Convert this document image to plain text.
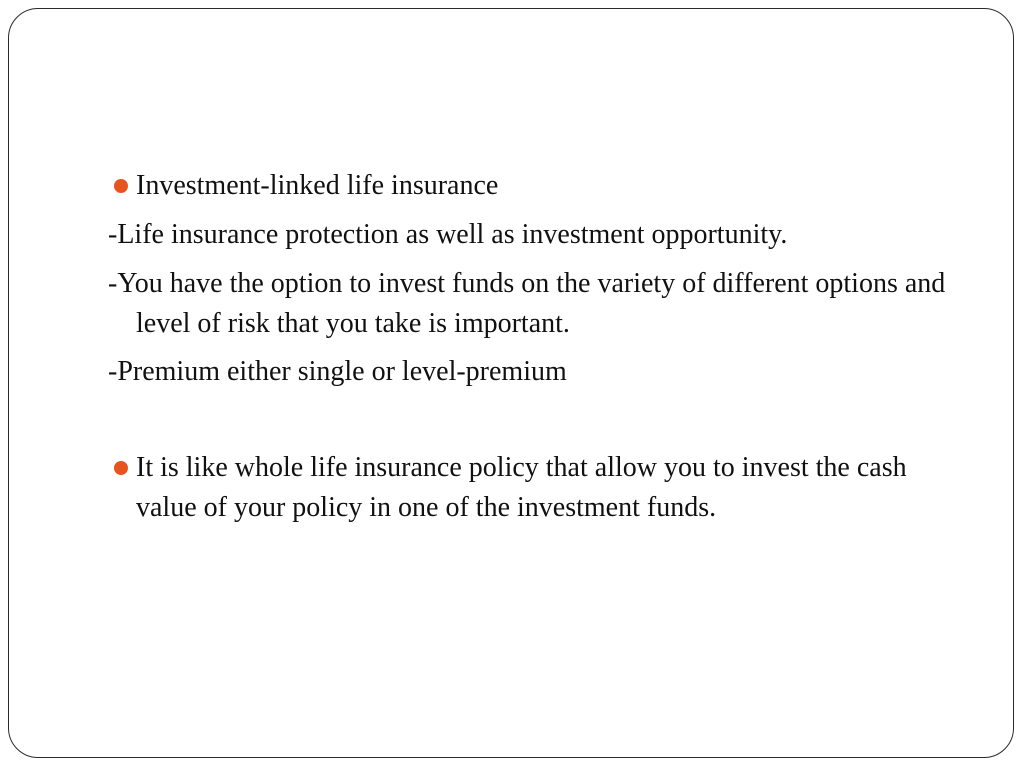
Investment-linked life insurance
-Life insurance protection as well as investment opportunity.
-You have the option to invest funds on the variety of different options and level of risk that you take is important.
-Premium either single or level-premium
It is like whole life insurance policy that allow you to invest the cash value of your policy in one of the investment funds.
